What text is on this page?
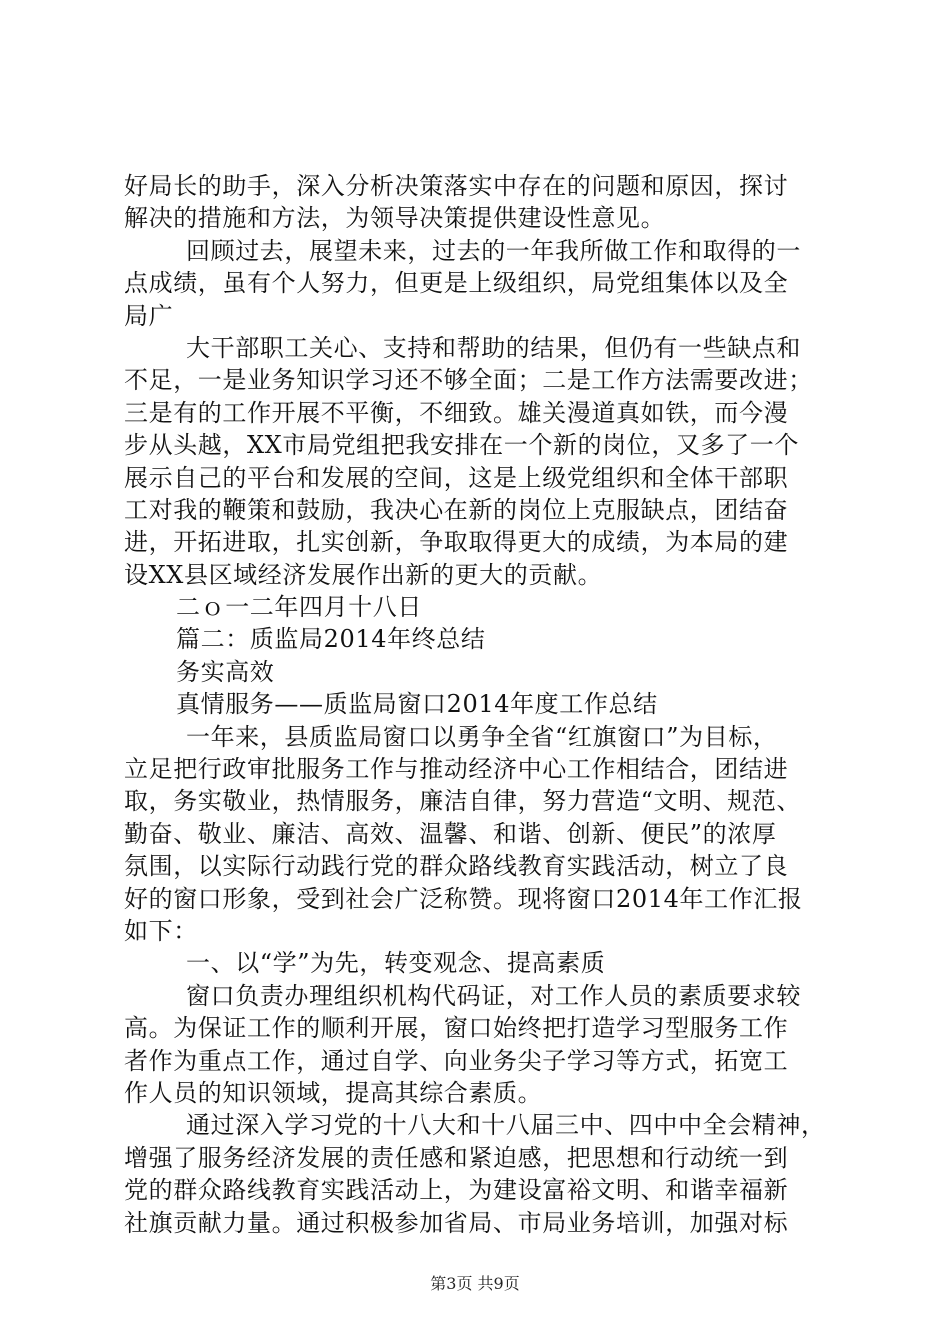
好局长的助手，深入分析决策落实中存在的问题和原因，探讨
解决的措施和方法，为领导决策提供建设性意见。
回顾过去，展望未来，过去的一年我所做工作和取得的一
点成绩，虽有个人努力，但更是上级组织，局党组集体以及全
局广
大干部职工关心、支持和帮助的结果，但仍有一些缺点和
不足，一是业务知识学习还不够全面；二是工作方法需要改进；
三是有的工作开展不平衡，不细致。雄关漫道真如铁，而今漫
步从头越，XX市局党组把我安排在一个新的岗位，又多了一个
展示自己的平台和发展的空间，这是上级党组织和全体干部职
工对我的鞭策和鼓励，我决心在新的岗位上克服缺点，团结奋
进，开拓进取，扎实创新，争取取得更大的成绩，为本局的建
设XX县区域经济发展作出新的更大的贡献。
二ｏ一二年四月十八日
篇二：质监局2014年终总结
务实高效
真情服务——质监局窗口2014年度工作总结
一年来，县质监局窗口以勇争全省“红旗窗口”为目标，
立足把行政审批服务工作与推动经济中心工作相结合，团结进
取，务实敬业，热情服务，廉洁自律，努力营造“文明、规范、
勤奋、敬业、廉洁、高效、温馨、和谐、创新、便民”的浓厚
氛围，以实际行动践行党的群众路线教育实践活动，树立了良
好的窗口形象，受到社会广泛称赞。现将窗口2014年工作汇报
如下：
一、以“学”为先，转变观念、提高素质
窗口负责办理组织机构代码证，对工作人员的素质要求较
高。为保证工作的顺利开展，窗口始终把打造学习型服务工作
者作为重点工作，通过自学、向业务尖子学习等方式，拓宽工
作人员的知识领域，提高其综合素质。
通过深入学习党的十八大和十八届三中、四中中全会精神，
增强了服务经济发展的责任感和紧迫感，把思想和行动统一到
党的群众路线教育实践活动上，为建设富裕文明、和谐幸福新
社旗贡献力量。通过积极参加省局、市局业务培训，加强对标
第3页 共9页
